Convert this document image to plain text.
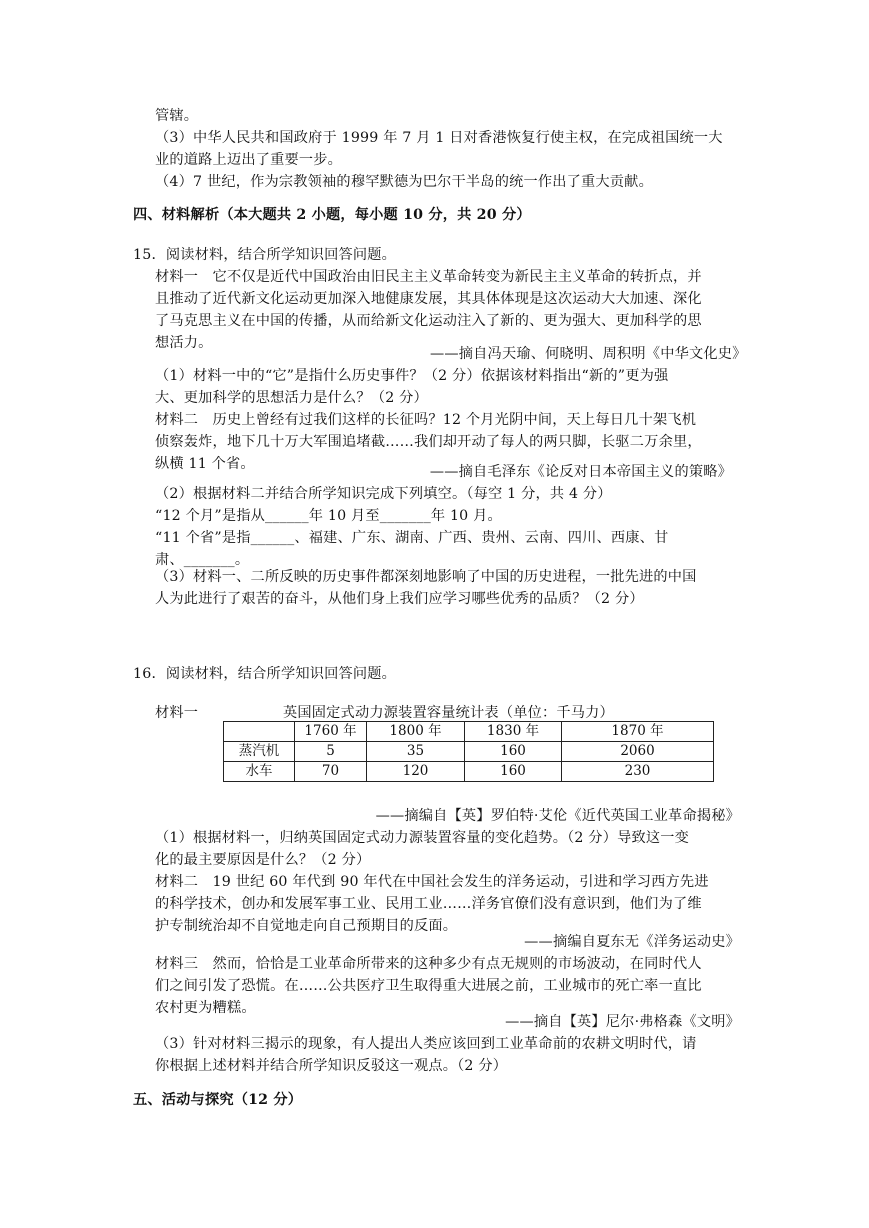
管辖。
（3）中华人民共和国政府于 1999 年 7 月 1 日对香港恢复行使主权，在完成祖国统一大
业的道路上迈出了重要一步。
（4）7 世纪，作为宗教领袖的穆罕默德为巴尔干半岛的统一作出了重大贡献。
四、材料解析（本大题共 2 小题，每小题 10 分，共 20 分）
15．阅读材料，结合所学知识回答问题。
材料一　它不仅是近代中国政治由旧民主主义革命转变为新民主主义革命的转折点，并
且推动了近代新文化运动更加深入地健康发展，其具体体现是这次运动大大加速、深化
了马克思主义在中国的传播，从而给新文化运动注入了新的、更为强大、更加科学的思
想活力。
——摘自冯天瑜、何晓明、周积明《中华文化史》
（1）材料一中的“它”是指什么历史事件？（2 分）依据该材料指出“新的”更为强
大、更加科学的思想活力是什么？（2 分）
材料二　历史上曾经有过我们这样的长征吗？12 个月光阴中间，天上每日几十架飞机
侦察轰炸，地下几十万大军围追堵截……我们却开动了每人的两只脚，长驱二万余里，
纵横 11 个省。	——摘自毛泽东《论反对日本帝国主义的策略》
（2）根据材料二并结合所学知识完成下列填空。（每空 1 分，共 4 分）
“12 个月”是指从______年 10 月至_______年 10 月。
“11 个省”是指______、福建、广东、湖南、广西、贵州、云南、四川、西康、甘
肃、_______。
（3）材料一、二所反映的历史事件都深刻地影响了中国的历史进程，一批先进的中国
人为此进行了艰苦的奋斗，从他们身上我们应学习哪些优秀的品质？（2 分）
16．阅读材料，结合所学知识回答问题。
材料一	英国固定式动力源装置容量统计表（单位：千马力）
	1760 年	1800 年	1830 年	1870 年
蒸汽机	5	35	160	2060
水车	70	120	160	230
——摘编自【英】罗伯特·艾伦《近代英国工业革命揭秘》
（1）根据材料一，归纳英国固定式动力源装置容量的变化趋势。（2 分）导致这一变
化的最主要原因是什么？（2 分）
材料二　19 世纪 60 年代到 90 年代在中国社会发生的洋务运动，引进和学习西方先进
的科学技术，创办和发展军事工业、民用工业……洋务官僚们没有意识到，他们为了维
护专制统治却不自觉地走向自己预期目的反面。
——摘编自夏东无《洋务运动史》
材料三　然而，恰恰是工业革命所带来的这种多少有点无规则的市场波动，在同时代人
们之间引发了恐慌。在……公共医疗卫生取得重大进展之前，工业城市的死亡率一直比
农村更为糟糕。
——摘自【英】尼尔·弗格森《文明》
（3）针对材料三揭示的现象，有人提出人类应该回到工业革命前的农耕文明时代，请
你根据上述材料并结合所学知识反驳这一观点。（2 分）
五、活动与探究（12 分）
